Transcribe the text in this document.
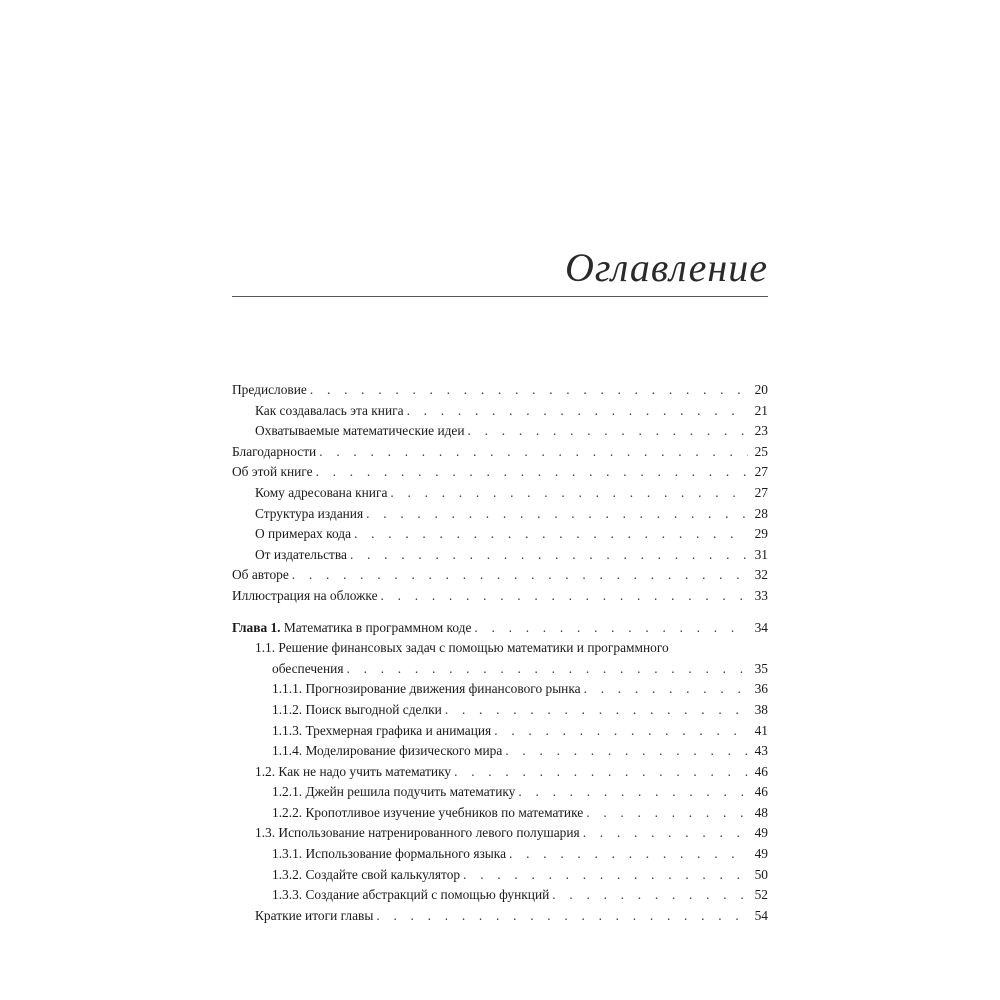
Оглавление
Предисловие . . .	20
Как создавалась эта книга . . .	21
Охватываемые математические идеи . . .	23
Благодарности . . .	25
Об этой книге . . .	27
Кому адресована книга . . .	27
Структура издания . . .	28
О примерах кода . . .	29
От издательства . . .	31
Об авторе . . .	32
Иллюстрация на обложке . . .	33
Глава 1. Математика в программном коде . . .	34
1.1. Решение финансовых задач с помощью математики и программного
обеспечения . . .	35
1.1.1. Прогнозирование движения финансового рынка . . .	36
1.1.2. Поиск выгодной сделки . . .	38
1.1.3. Трехмерная графика и анимация . . .	41
1.1.4. Моделирование физического мира . . .	43
1.2. Как не надо учить математику . . .	46
1.2.1. Джейн решила подучить математику . . .	46
1.2.2. Кропотливое изучение учебников по математике . . .	48
1.3. Использование натренированного левого полушария . . .	49
1.3.1. Использование формального языка . . .	49
1.3.2. Создайте свой калькулятор . . .	50
1.3.3. Создание абстракций с помощью функций . . .	52
Краткие итоги главы . . .	54
